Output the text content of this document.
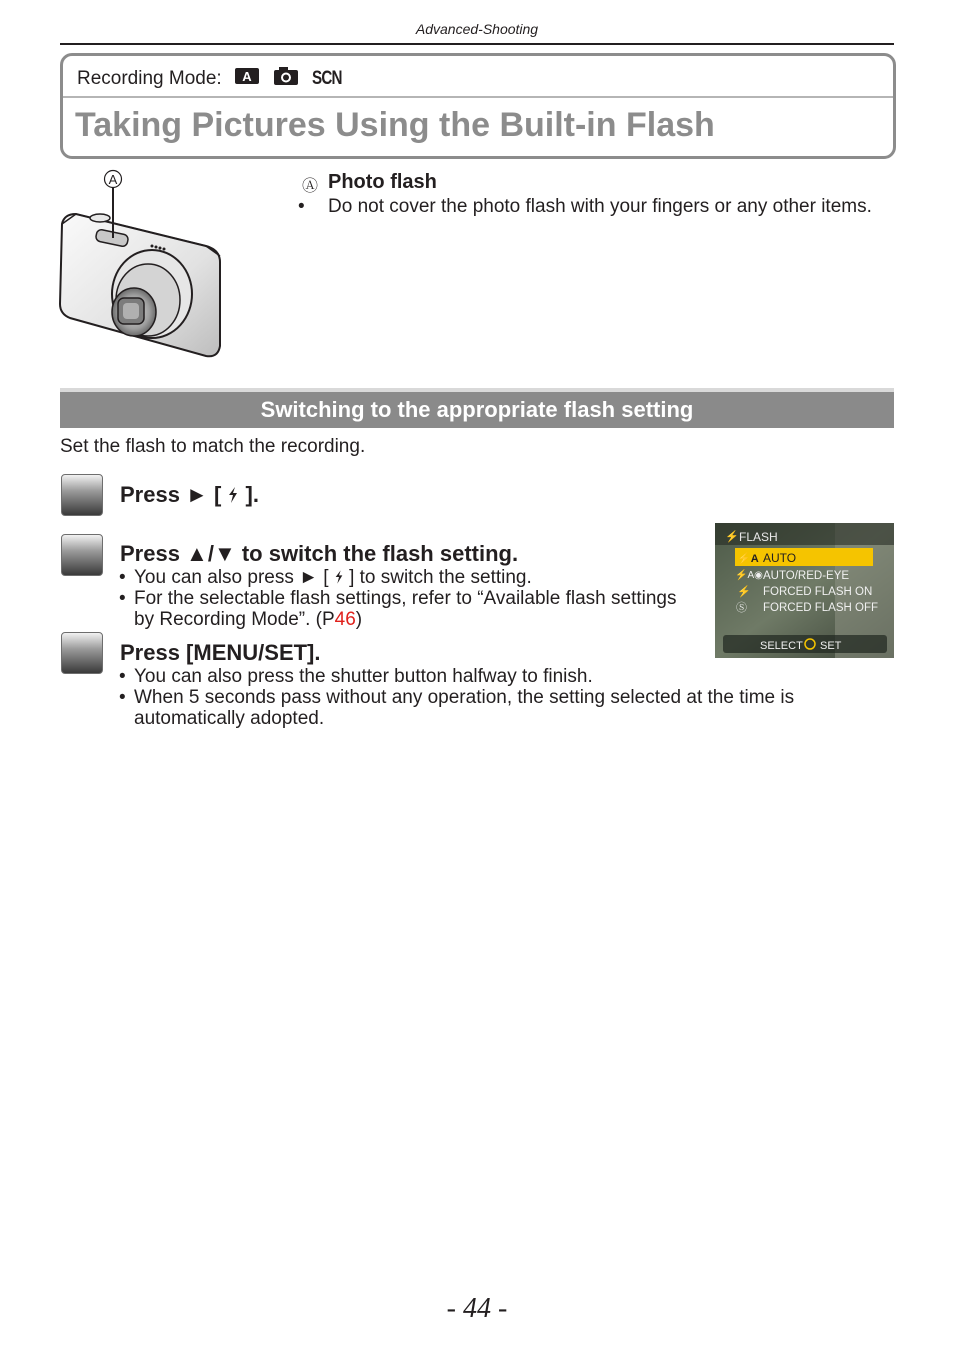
Advanced-Shooting
Recording Mode: A	SCN
Taking Pictures Using the Built-in Flash
A	Ⓐ Photo flash
• Do not cover the photo flash with your fingers or any other items.
Switching to the appropriate flash setting
Set the flash to match the recording.
Press ► [ ].
Press ▲/▼ to switch the flash setting.
• You can also press ► [ ] to switch the setting.
• For the selectable flash settings, refer to “Available flash settings
by Recording Mode”. (P46)
⚡ FLASH
⚡A AUTO
⚡A◉ AUTO/RED-EYE
⚡ FORCED FLASH ON
Ⓢ FORCED FLASH OFF
SELECT SET
Press [MENU/SET].
• You can also press the shutter button halfway to finish.
• When 5 seconds pass without any operation, the setting selected at the time is
automatically adopted.
- 44 -
